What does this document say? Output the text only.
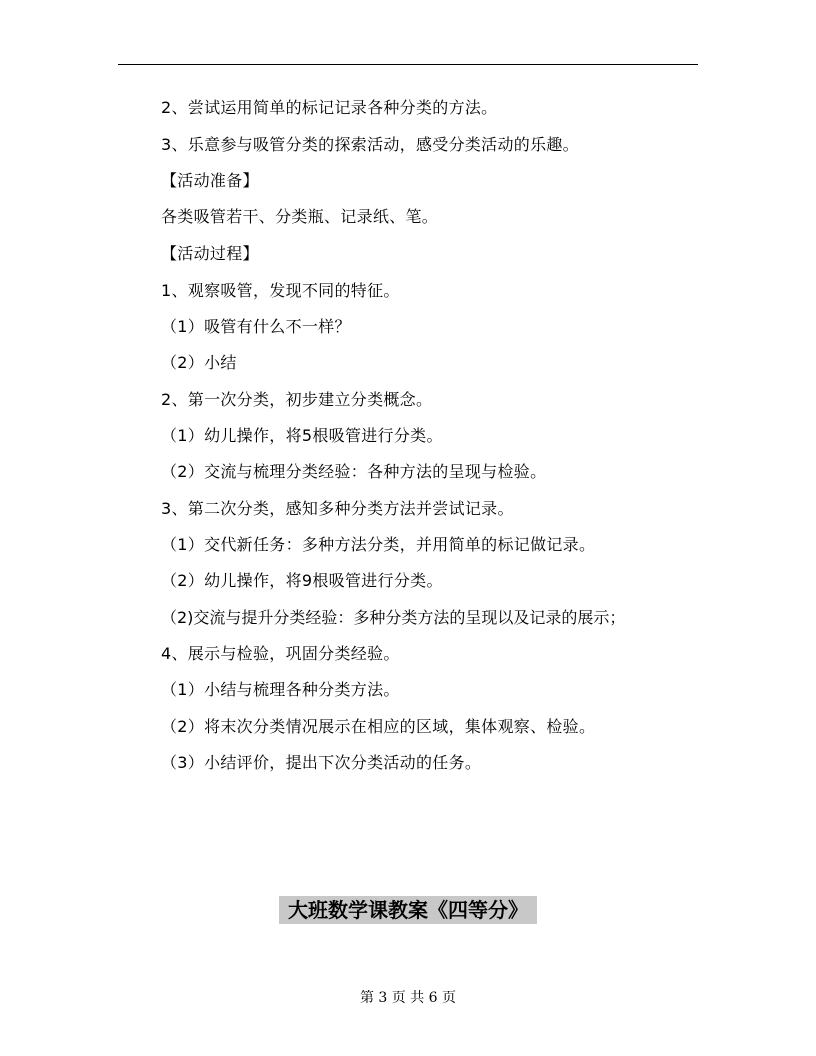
2、尝试运用简单的标记记录各种分类的方法。
3、乐意参与吸管分类的探索活动，感受分类活动的乐趣。
【活动准备】
各类吸管若干、分类瓶、记录纸、笔。
【活动过程】
1、观察吸管，发现不同的特征。
（1）吸管有什么不一样？
（2）小结
2、第一次分类，初步建立分类概念。
（1）幼儿操作，将5根吸管进行分类。
（2）交流与梳理分类经验：各种方法的呈现与检验。
3、第二次分类，感知多种分类方法并尝试记录。
（1）交代新任务：多种方法分类，并用简单的标记做记录。
（2）幼儿操作，将9根吸管进行分类。
（2)交流与提升分类经验：多种分类方法的呈现以及记录的展示；
4、展示与检验，巩固分类经验。
（1）小结与梳理各种分类方法。
（2）将末次分类情况展示在相应的区域，集体观察、检验。
（3）小结评价，提出下次分类活动的任务。
大班数学课教案《四等分》
第 3 页 共 6 页
